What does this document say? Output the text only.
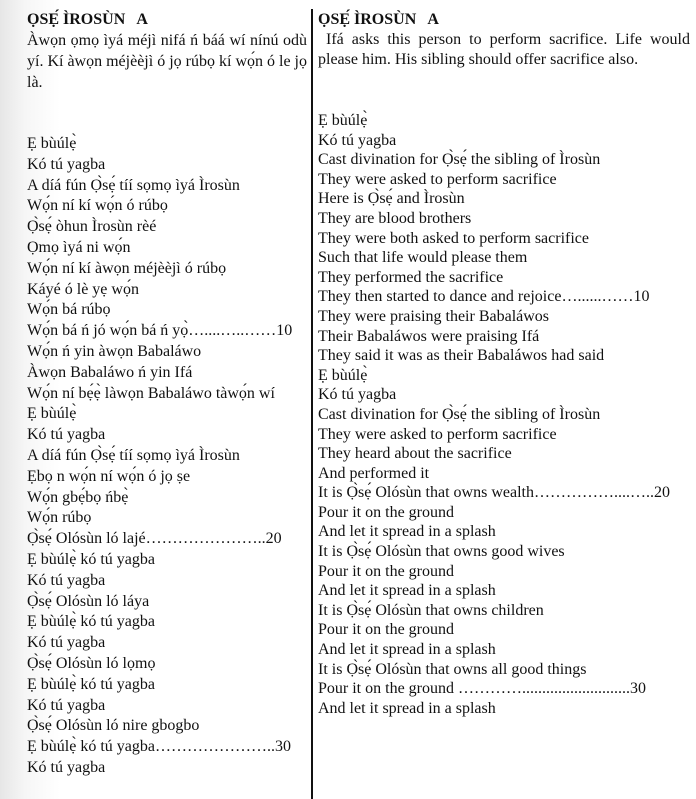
ỌSẸ́ ÌROSÙN   A
Àwọn ọmọ ìyá méjì nifá ń báá wí nínú odù yí. Kí àwọn méjèèjì ó jọ rúbọ kí wọ́n ó le jọ là.
Ẹ bùúlẹ̀
Kó tú yagba
A díá fún Ọ̀sẹ́ tíí sọmọ ìyá Ìrosùn
Wọ́n ní kí wọ́n ó rúbọ
Ọ̀sẹ́ òhun Ìrosùn rèé
Ọmọ ìyá ni wọ́n
Wọ́n ní kí àwọn méjèèjì ó rúbọ
Káyé ó lè yẹ wọ́n
Wọ́n bá rúbọ
Wọ́n bá ń jó wọ́n bá ń yọ̀…....…..……10
Wọ́n ń yin àwọn Babaláwo
Àwọn Babaláwo ń yin Ifá
Wọ́n ní bẹ́ẹ̀ làwọn Babaláwo tàwọ́n wí
Ẹ bùúlẹ̀
Kó tú yagba
A díá fún Ọ̀sẹ́ tíí sọmọ ìyá Ìrosùn
Ẹbọ n wọ́n ní wọ́n ó jọ ṣe
Wọ́n gbẹ́bọ ńbẹ̀
Wọ́n rúbọ
Ọ̀sẹ́ Olósùn ló lajé…………………..20
Ẹ bùúlẹ̀ kó tú yagba
Kó tú yagba
Ọ̀sẹ́ Olósùn ló láya
Ẹ bùúlẹ̀ kó tú yagba
Kó tú yagba
Ọ̀sẹ́ Olósùn ló lọmọ
Ẹ bùúlẹ̀ kó tú yagba
Kó tú yagba
Ọ̀sẹ́ Olósùn ló nire gbogbo
Ẹ bùúlẹ̀ kó tú yagba…………………..30
Kó tú yagba
ỌSẸ́ ÌROSÙN   A
Ifá asks this person to perform sacrifice. Life would please him. His sibling should offer sacrifice also.
Ẹ bùúlẹ̀
Kó tú yagba
Cast divination for Ọ̀sẹ́ the sibling of Ìrosùn
They were asked to perform sacrifice
Here is Ọ̀sẹ́ and Ìrosùn
They are blood brothers
They were both asked to perform sacrifice
Such that life would please them
They performed the sacrifice
They then started to dance and rejoice…......……10
They were praising their Babaláwos
Their Babaláwos were praising Ifá
They said it was as their Babaláwos had said
Ẹ bùúlẹ̀
Kó tú yagba
Cast divination for Ọ̀sẹ́ the sibling of Ìrosùn
They were asked to perform sacrifice
They heard about the sacrifice
And performed it
It is Ọ̀sẹ́ Olósùn that owns wealth……………....…..20
Pour it on the ground
And let it spread in a splash
It is Ọ̀sẹ́ Olósùn that owns good wives
Pour it on the ground
And let it spread in a splash
It is Ọ̀sẹ́ Olósùn that owns children
Pour it on the ground
And let it spread in a splash
It is Ọ̀sẹ́ Olósùn that owns all good things
Pour it on the ground …………...........................30
And let it spread in a splash
